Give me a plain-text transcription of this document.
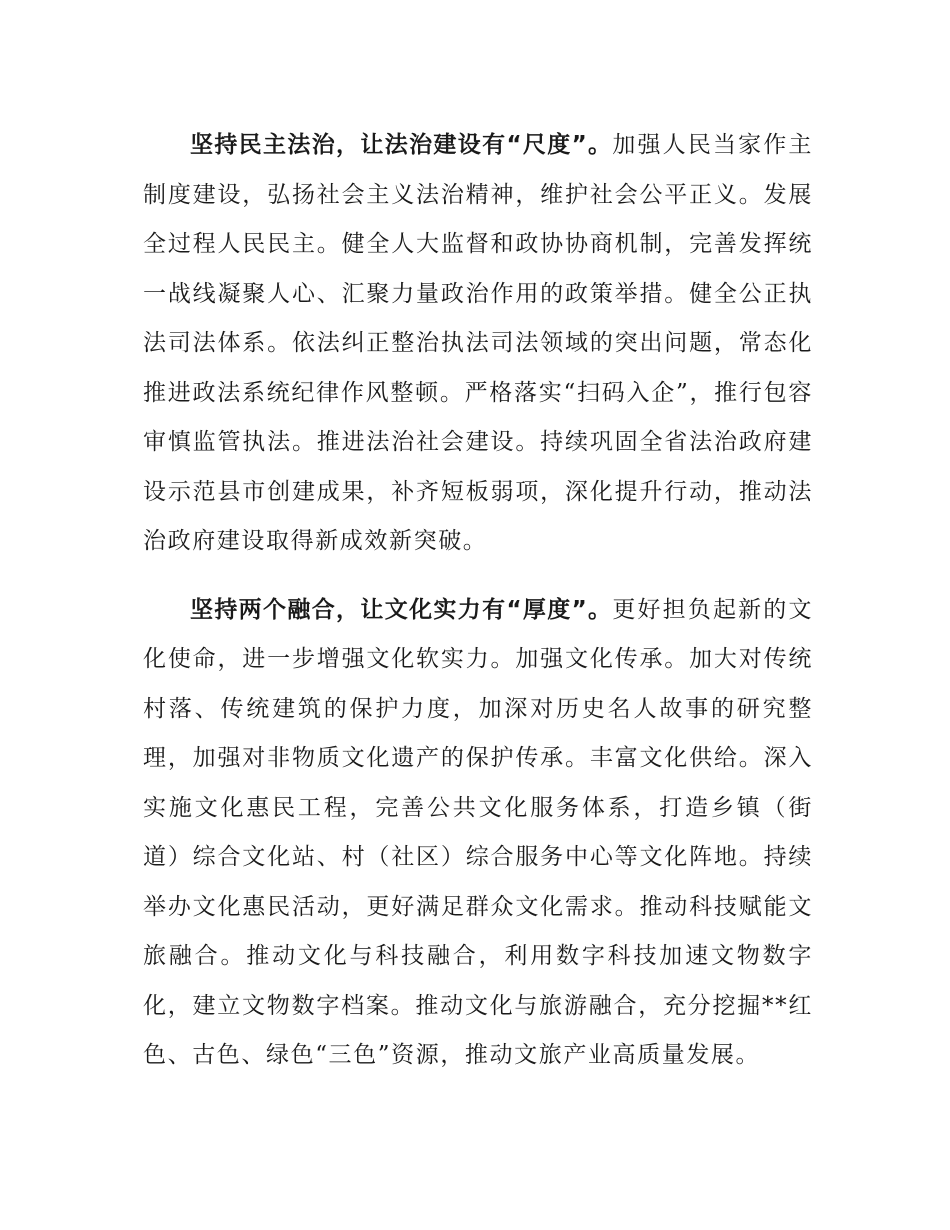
坚持民主法治，让法治建设有“尺度”。加强人民当家作主制度建设，弘扬社会主义法治精神，维护社会公平正义。发展全过程人民民主。健全人大监督和政协协商机制，完善发挥统一战线凝聚人心、汇聚力量政治作用的政策举措。健全公正执法司法体系。依法纠正整治执法司法领域的突出问题，常态化推进政法系统纪律作风整顿。严格落实“扫码入企”，推行包容审慎监管执法。推进法治社会建设。持续巩固全省法治政府建设示范县市创建成果，补齐短板弱项，深化提升行动，推动法治政府建设取得新成效新突破。

坚持两个融合，让文化实力有“厚度”。更好担负起新的文化使命，进一步增强文化软实力。加强文化传承。加大对传统村落、传统建筑的保护力度，加深对历史名人故事的研究整理，加强对非物质文化遗产的保护传承。丰富文化供给。深入实施文化惠民工程，完善公共文化服务体系，打造乡镇（街道）综合文化站、村（社区）综合服务中心等文化阵地。持续举办文化惠民活动，更好满足群众文化需求。推动科技赋能文旅融合。推动文化与科技融合，利用数字科技加速文物数字化，建立文物数字档案。推动文化与旅游融合，充分挖掘**红色、古色、绿色“三色”资源，推动文旅产业高质量发展。
